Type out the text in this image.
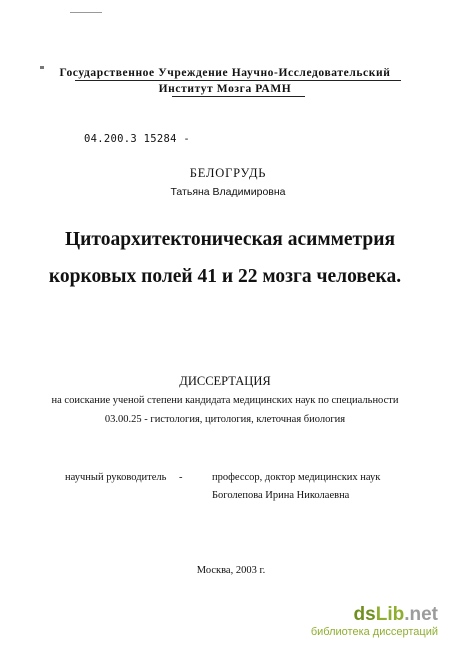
Государственное Учреждение Научно-Исследовательский
Институт Мозга РАМН
04.200.3 15284 -
БЕЛОГРУДЬ
Татьяна Владимировна
Цитоархитектоническая асимметрия
корковых полей 41 и 22 мозга человека.
ДИССЕРТАЦИЯ
на соискание ученой степени кандидата медицинских наук по специальности
03.00.25 - гистология, цитология, клеточная биология
научный руководитель -	профессор, доктор медицинских наук
Боголепова Ирина Николаевна
Москва, 2003 г.
dsLib.net
библиотека диссертаций
